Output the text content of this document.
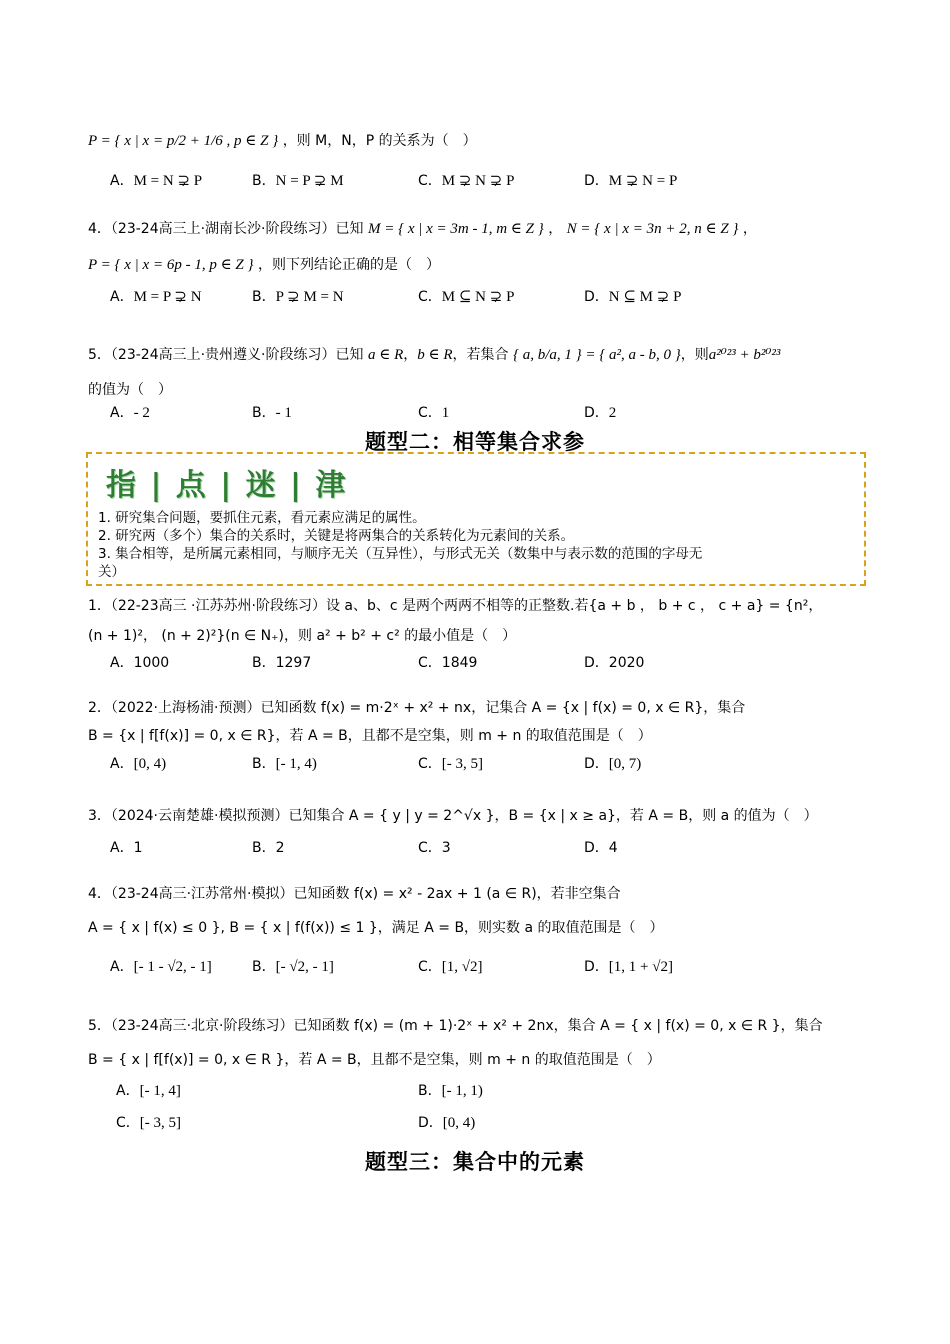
P = { x | x = p/2 + 1/6 , p ∈ Z } ，则 M，N，P 的关系为（　）
A．M = N ⊋ P	B．N = P ⊋ M	C．M ⊋ N ⊋ P	D．M ⊋ N = P
4．（23-24高三上·湖南长沙·阶段练习）已知 M = { x | x = 3m - 1, m ∈ Z } ， N = { x | x = 3n + 2, n ∈ Z } ，
P = { x | x = 6p - 1, p ∈ Z } ，则下列结论正确的是（　）
A．M = P ⊋ N	B．P ⊋ M = N	C．M ⊆ N ⊋ P	D．N ⊆ M ⊋ P
5．（23-24高三上·贵州遵义·阶段练习）已知 a ∈ R，b ∈ R，若集合 { a, b/a, 1 } = { a², a - b, 0 }，则a²⁰²³ + b²⁰²³
的值为（　）
A．- 2	B．- 1	C．1	D．2
题型二：相等集合求参
指 | 点 | 迷 | 津
1. 研究集合问题，要抓住元素，看元素应满足的属性。
2. 研究两（多个）集合的关系时，关键是将两集合的关系转化为元素间的关系。
3. 集合相等，是所属元素相同，与顺序无关（互异性），与形式无关（数集中与表示数的范围的字母无
关）
1．（22-23高三 ·江苏苏州·阶段练习）设 a、b、c 是两个两两不相等的正整数.若{a + b ， b + c ， c + a} = {n²，
(n + 1)²， (n + 2)²}(n ∈ N₊)，则 a² + b² + c² 的最小值是（　）
A．1000	B．1297	C．1849	D．2020
2．（2022·上海杨浦·预测）已知函数 f(x) = m·2ˣ + x² + nx，记集合 A = {x | f(x) = 0, x ∈ R}，集合
B = {x | f[f(x)] = 0, x ∈ R}，若 A = B，且都不是空集，则 m + n 的取值范围是（　）
A．[0, 4)	B．[- 1, 4)	C．[- 3, 5]	D．[0, 7)
3．（2024·云南楚雄·模拟预测）已知集合 A = { y | y = 2^√x }，B = {x | x ≥ a}，若 A = B，则 a 的值为（　）
A．1	B．2	C．3	D．4
4．（23-24高三·江苏常州·模拟）已知函数 f(x) = x² - 2ax + 1 (a ∈ R)，若非空集合
A = { x | f(x) ≤ 0 }, B = { x | f(f(x)) ≤ 1 }，满足 A = B，则实数 a 的取值范围是（　）
A．[- 1 - √2, - 1]	B．[- √2, - 1]	C．[1, √2]	D．[1, 1 + √2]
5．（23-24高三·北京·阶段练习）已知函数 f(x) = (m + 1)·2ˣ + x² + 2nx，集合 A = { x | f(x) = 0, x ∈ R }，集合
B = { x | f[f(x)] = 0, x ∈ R }，若 A = B，且都不是空集，则 m + n 的取值范围是（　）
A．[- 1, 4]	B．[- 1, 1)
C．[- 3, 5]	D．[0, 4)
题型三：集合中的元素
